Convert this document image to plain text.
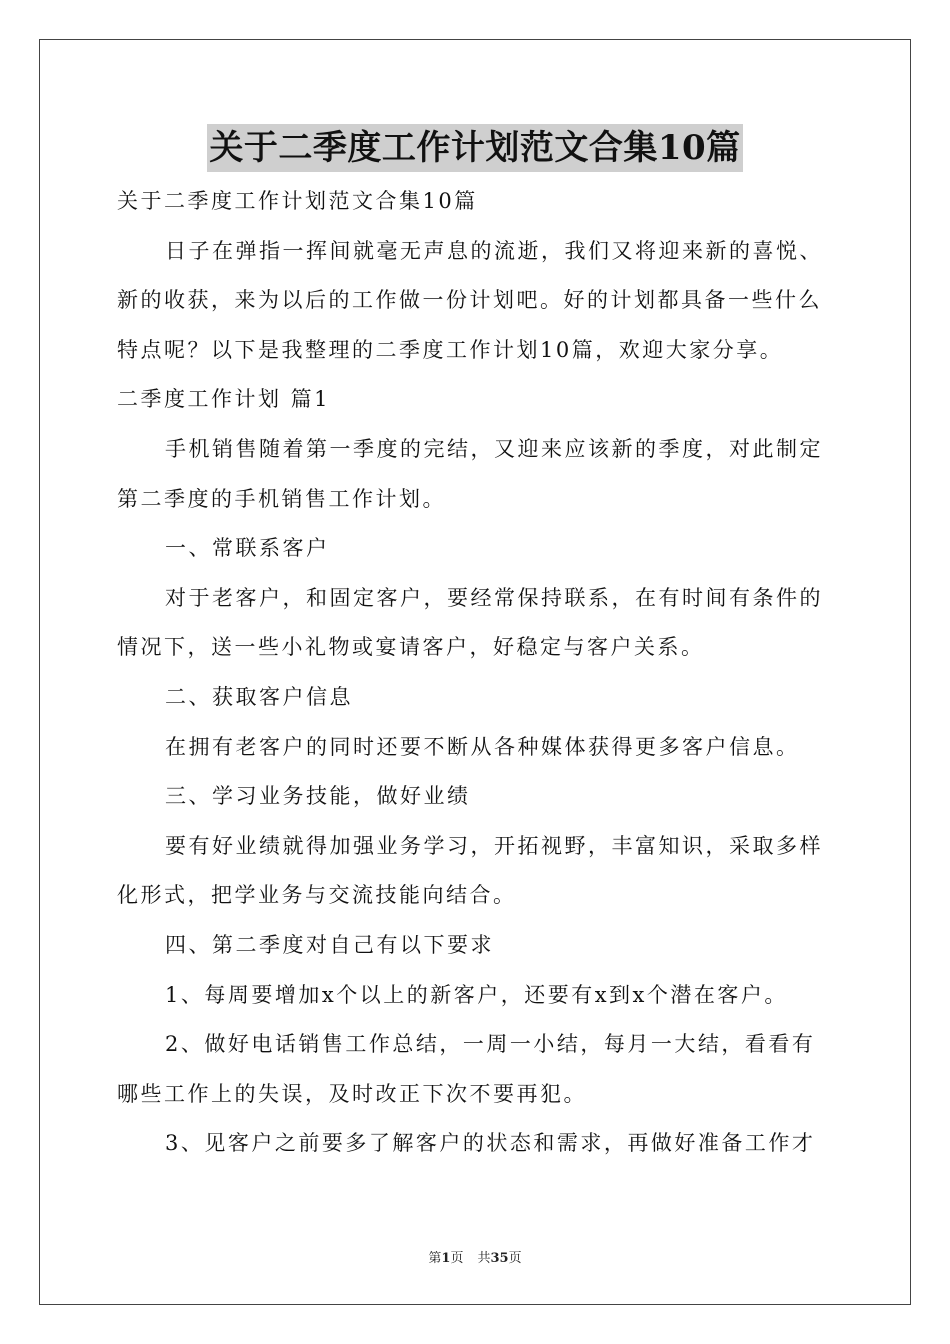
关于二季度工作计划范文合集10篇
关于二季度工作计划范文合集10篇
日子在弹指一挥间就毫无声息的流逝，我们又将迎来新的喜悦、
新的收获，来为以后的工作做一份计划吧。好的计划都具备一些什么
特点呢？以下是我整理的二季度工作计划10篇，欢迎大家分享。
二季度工作计划 篇1
手机销售随着第一季度的完结，又迎来应该新的季度，对此制定
第二季度的手机销售工作计划。
一、常联系客户
对于老客户，和固定客户，要经常保持联系，在有时间有条件的
情况下，送一些小礼物或宴请客户，好稳定与客户关系。
二、获取客户信息
在拥有老客户的同时还要不断从各种媒体获得更多客户信息。
三、学习业务技能，做好业绩
要有好业绩就得加强业务学习，开拓视野，丰富知识，采取多样
化形式，把学业务与交流技能向结合。
四、第二季度对自己有以下要求
1、每周要增加x个以上的新客户，还要有x到x个潜在客户。
2、做好电话销售工作总结，一周一小结，每月一大结，看看有
哪些工作上的失误，及时改正下次不要再犯。
3、见客户之前要多了解客户的状态和需求，再做好准备工作才
第1页 共35页
